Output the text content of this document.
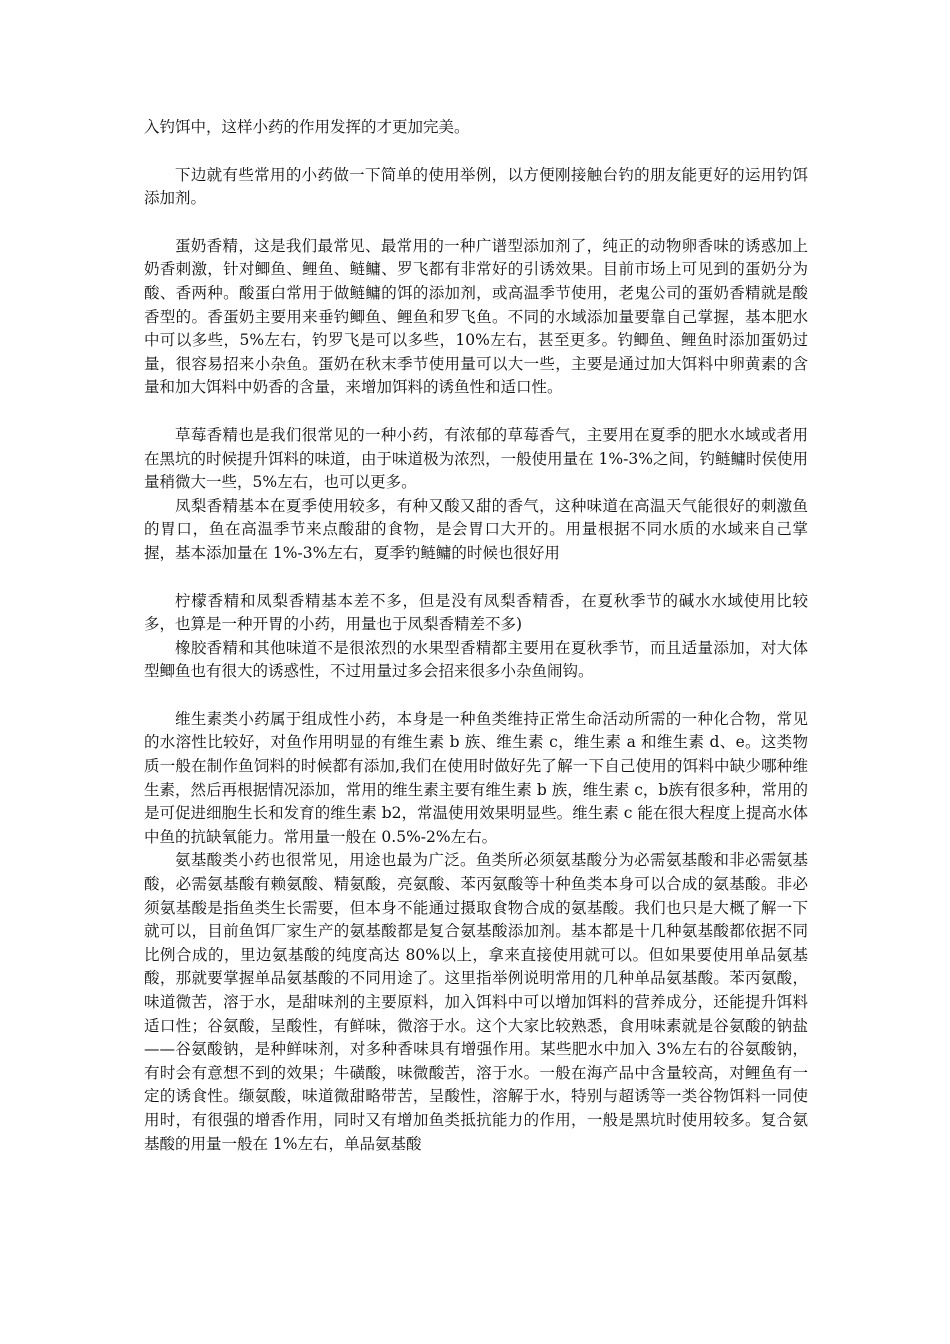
入钓饵中，这样小药的作用发挥的才更加完美。

下边就有些常用的小药做一下简单的使用举例，以方便刚接触台钓的朋友能更好的运用钓饵添加剂。

蛋奶香精，这是我们最常见、最常用的一种广谱型添加剂了，纯正的动物卵香味的诱惑加上奶香刺激，针对鲫鱼、鲤鱼、鲢鳙、罗飞都有非常好的引诱效果。目前市场上可见到的蛋奶分为酸、香两种。酸蛋白常用于做鲢鳙的饵的添加剂，或高温季节使用，老鬼公司的蛋奶香精就是酸香型的。香蛋奶主要用来垂钓鲫鱼、鲤鱼和罗飞鱼。不同的水域添加量要靠自己掌握，基本肥水中可以多些，5%左右，钓罗飞是可以多些，10%左右，甚至更多。钓鲫鱼、鲤鱼时添加蛋奶过量，很容易招来小杂鱼。蛋奶在秋末季节使用量可以大一些，主要是通过加大饵料中卵黄素的含量和加大饵料中奶香的含量，来增加饵料的诱鱼性和适口性。

草莓香精也是我们很常见的一种小药，有浓郁的草莓香气，主要用在夏季的肥水水域或者用在黑坑的时候提升饵料的味道，由于味道极为浓烈，一般使用量在 1%-3%之间，钓鲢鳙时侯使用量稍微大一些，5%左右，也可以更多。

凤梨香精基本在夏季使用较多，有种又酸又甜的香气，这种味道在高温天气能很好的刺激鱼的胃口，鱼在高温季节来点酸甜的食物，是会胃口大开的。用量根据不同水质的水域来自己掌握，基本添加量在 1%-3%左右，夏季钓鲢鳙的时候也很好用

柠檬香精和凤梨香精基本差不多，但是没有凤梨香精香，在夏秋季节的碱水水域使用比较多，也算是一种开胃的小药，用量也于凤梨香精差不多)

橡胶香精和其他味道不是很浓烈的水果型香精都主要用在夏秋季节，而且适量添加，对大体型鲫鱼也有很大的诱惑性，不过用量过多会招来很多小杂鱼闹钩。

维生素类小药属于组成性小药，本身是一种鱼类维持正常生命活动所需的一种化合物，常见的水溶性比较好，对鱼作用明显的有维生素 b 族、维生素 c，维生素 a 和维生素 d、e。这类物质一般在制作鱼饲料的时候都有添加,我们在使用时做好先了解一下自己使用的饵料中缺少哪种维生素，然后再根据情况添加，常用的维生素主要有维生素 b 族，维生素 c，b族有很多种，常用的是可促进细胞生长和发育的维生素 b2，常温使用效果明显些。维生素 c 能在很大程度上提高水体中鱼的抗缺氧能力。常用量一般在 0.5%-2%左右。

氨基酸类小药也很常见，用途也最为广泛。鱼类所必须氨基酸分为必需氨基酸和非必需氨基酸，必需氨基酸有赖氨酸、精氨酸，亮氨酸、苯丙氨酸等十种鱼类本身可以合成的氨基酸。非必须氨基酸是指鱼类生长需要，但本身不能通过摄取食物合成的氨基酸。我们也只是大概了解一下就可以，目前鱼饵厂家生产的氨基酸都是复合氨基酸添加剂。基本都是十几种氨基酸都依据不同比例合成的，里边氨基酸的纯度高达 80%以上，拿来直接使用就可以。但如果要使用单品氨基酸，那就要掌握单品氨基酸的不同用途了。这里指举例说明常用的几种单品氨基酸。苯丙氨酸，味道微苦，溶于水，是甜味剂的主要原料，加入饵料中可以增加饵料的营养成分，还能提升饵料适口性；谷氨酸，呈酸性，有鲜味，微溶于水。这个大家比较熟悉，食用味素就是谷氨酸的钠盐——谷氨酸钠，是种鲜味剂，对多种香味具有增强作用。某些肥水中加入 3%左右的谷氨酸钠，有时会有意想不到的效果；牛磺酸，味微酸苦，溶于水。一般在海产品中含量较高，对鲤鱼有一定的诱食性。缬氨酸，味道微甜略带苦，呈酸性，溶解于水，特别与超诱等一类谷物饵料一同使用时，有很强的增香作用，同时又有增加鱼类抵抗能力的作用，一般是黑坑时使用较多。复合氨基酸的用量一般在 1%左右，单品氨基酸
